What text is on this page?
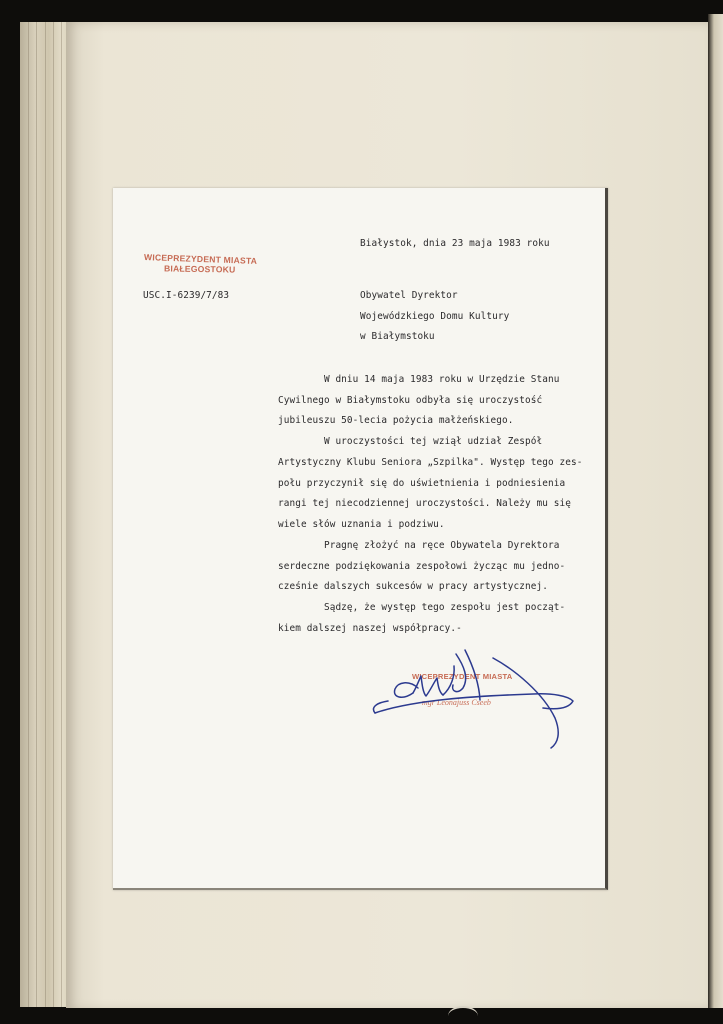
Białystok, dnia 23 maja 1983 roku
WICEPREZYDENT MIASTA
BIAŁEGOSTOKU
USC.I-6239/7/83	Obywatel Dyrektor
Wojewódzkiego Domu Kultury
w Białymstoku
W dniu 14 maja 1983 roku w Urzędzie Stanu
Cywilnego w Białymstoku odbyła się uroczystość
jubileuszu 50-lecia pożycia małżeńskiego.
W uroczystości tej wziął udział Zespół
Artystyczny Klubu Seniora „Szpilka". Występ tego zes-
połu przyczynił się do uświetnienia i podniesienia
rangi tej niecodziennej uroczystości. Należy mu się
wiele słów uznania i podziwu.
Pragnę złożyć na ręce Obywatela Dyrektora
serdeczne podziękowania zespołowi życząc mu jedno-
cześnie dalszych sukcesów w pracy artystycznej.
Sądzę, że występ tego zespołu jest począt-
kiem dalszej naszej współpracy.-
WICEPREZYDENT MIASTA
mgr Leonajuss Cseeb
